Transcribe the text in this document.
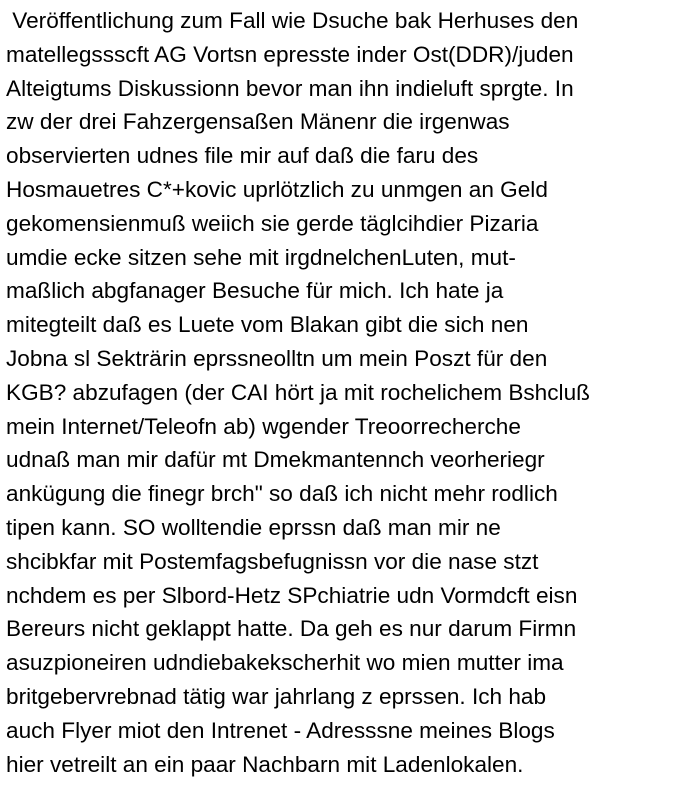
Veröffentlichung zum Fall wie Dsuche bak Herhuses den
matellegsssсft AG Vortsn epresste inder Ost(DDR)/juden
Alteigtums Diskussionn bevor man ihn indieluft sprgte. In
zw der drei Fahzergensaßen Mänenr die irgenwas
observierten udnes file mir auf daß die faru des
Hosmauetres C*+kovic uprlötzlich zu unmgen an Geld
gekomensienmuß weiich sie gerde täglcihdier Pizaria
umdie ecke sitzen sehe mit irgdnelchenLuten, mut-
maßlich abgfanager Besuche für mich. Ich hate ja
mitegteilt daß es Luete vom Blakan gibt die sich nen
Jobna sl Sekträrin eprssneolltn um mein Poszt für den
KGB? abzufagen (der CAI hört ja mit rochelichem Bshcluß
mein Internet/Teleofn ab) wgender Treoorrecherche
udnaß man mir dafür mt Dmekmantennch veorheriegr
ankügung die finegr brch" so daß ich nicht mehr rodlich
tipen kann. SO wolltendie eprssn daß man mir ne
shcibkfar mit Postemfagsbefugnissn vor die nase stzt
nchdem es per Slbord-Hetz SPchiatrie udn Vormdcft eisn
Bereurs nicht geklappt hatte. Da geh es nur darum Firmn
asuzpioneiren udndiebakekscherhit wo mien mutter ima
britgebervrebnad tätig war jahrlang z eprssen. Ich hab
auch Flyer miot den Intrenet - Adresssne meines Blogs
hier vetreilt an ein paar Nachbarn mit Ladenlokalen.
